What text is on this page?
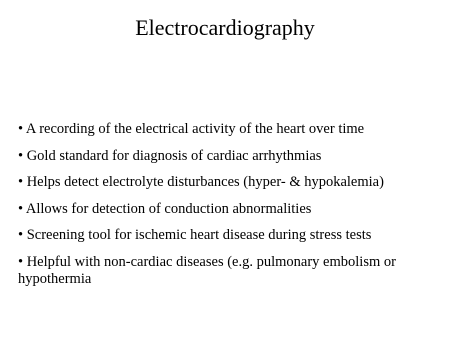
Electrocardiography
• A recording of the electrical activity of the heart over time
• Gold standard for diagnosis of cardiac arrhythmias
• Helps detect electrolyte disturbances (hyper- & hypokalemia)
• Allows for detection of conduction abnormalities
• Screening tool for ischemic heart disease during stress tests
• Helpful with non-cardiac diseases (e.g. pulmonary embolism or hypothermia
